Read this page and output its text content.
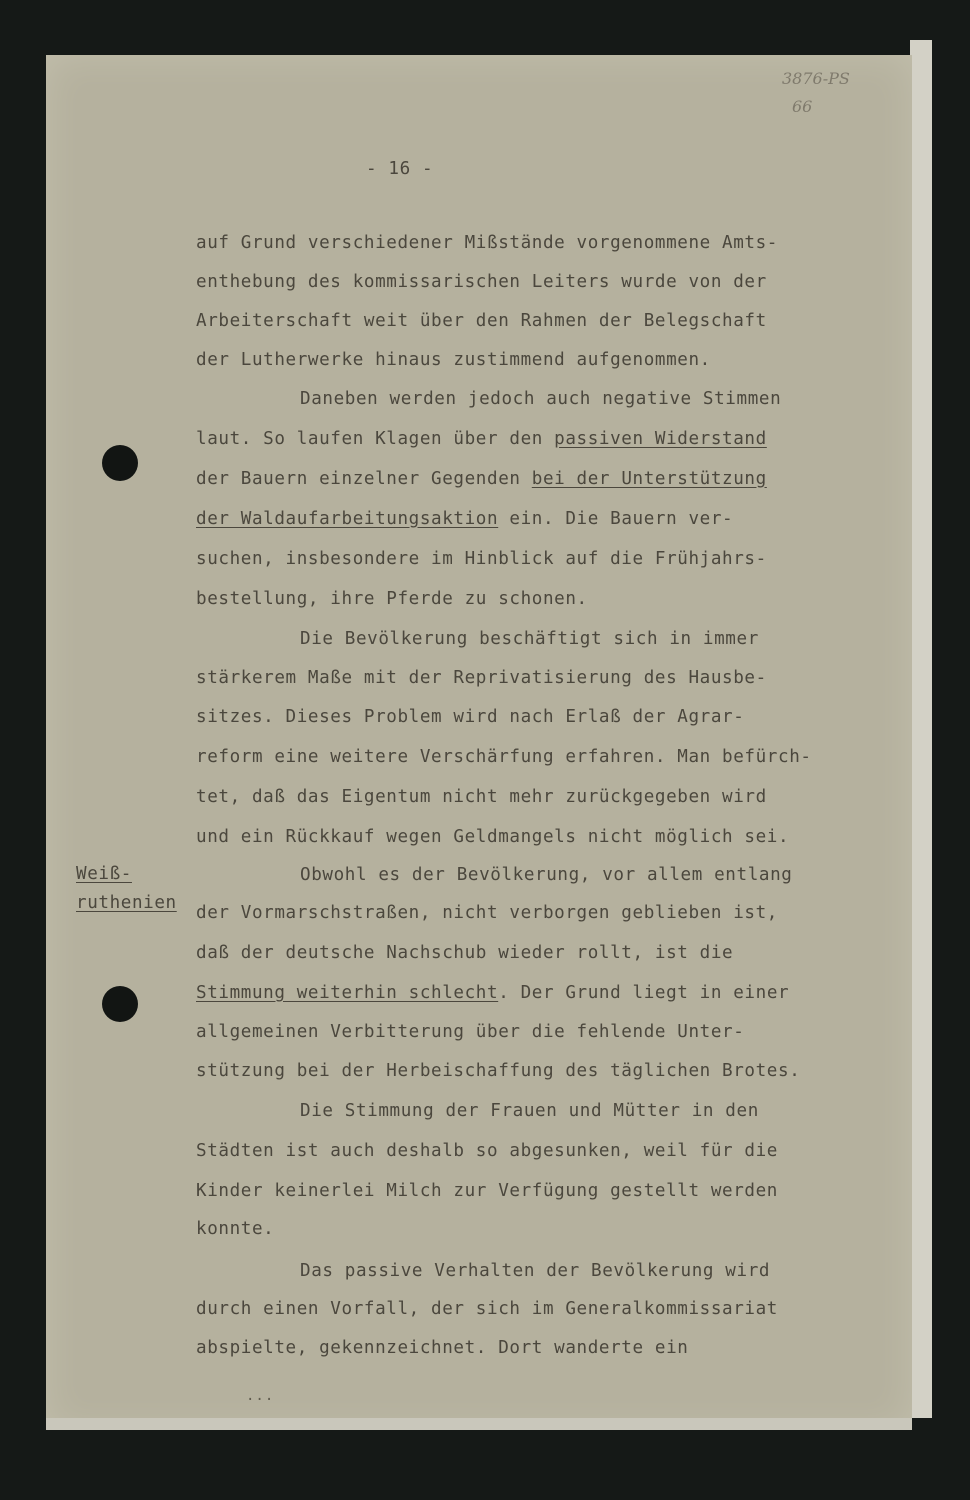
3876-PS
66
- 16 -
Weiß-
ruthenien
auf Grund verschiedener Mißstände vorgenommene Amts-
enthebung des kommissarischen Leiters wurde von der
Arbeiterschaft weit über den Rahmen der Belegschaft
der Lutherwerke hinaus zustimmend aufgenommen.
Daneben werden jedoch auch negative Stimmen
laut. So laufen Klagen über den passiven Widerstand
der Bauern einzelner Gegenden bei der Unterstützung
der Waldaufarbeitungsaktion ein. Die Bauern ver-
suchen, insbesondere im Hinblick auf die Frühjahrs-
bestellung, ihre Pferde zu schonen.
Die Bevölkerung beschäftigt sich in immer
stärkerem Maße mit der Reprivatisierung des Hausbe-
sitzes. Dieses Problem wird nach Erlaß der Agrar-
reform eine weitere Verschärfung erfahren. Man befürch-
tet, daß das Eigentum nicht mehr zurückgegeben wird
und ein Rückkauf wegen Geldmangels nicht möglich sei.
Obwohl es der Bevölkerung, vor allem entlang
der Vormarschstraßen, nicht verborgen geblieben ist,
daß der deutsche Nachschub wieder rollt, ist die
Stimmung weiterhin schlecht. Der Grund liegt in einer
allgemeinen Verbitterung über die fehlende Unter-
stützung bei der Herbeischaffung des täglichen Brotes.
Die Stimmung der Frauen und Mütter in den
Städten ist auch deshalb so abgesunken, weil für die
Kinder keinerlei Milch zur Verfügung gestellt werden
konnte.
Das passive Verhalten der Bevölkerung wird
durch einen Vorfall, der sich im Generalkommissariat
abspielte, gekennzeichnet. Dort wanderte ein
...
